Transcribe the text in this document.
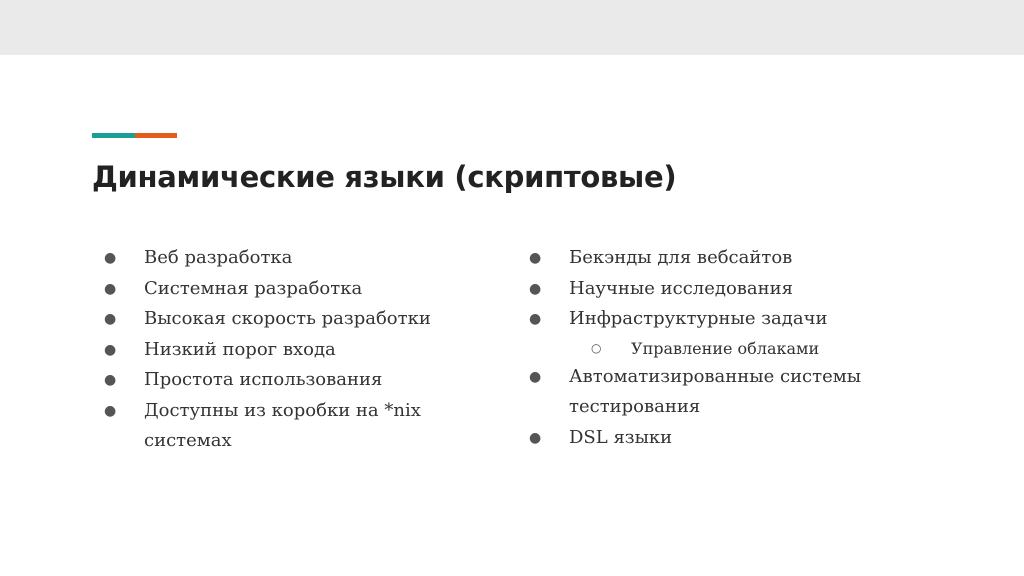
Динамические языки (скриптовые)
●	Веб разработка
●	Системная разработка
●	Высокая скорость разработки
●	Низкий порог входа
●	Простота использования
●	Доступны из коробки на *nix системах
●	Бекэнды для вебсайтов
●	Научные исследования
●	Инфраструктурные задачи
○	Управление облаками
●	Автоматизированные системы тестирования
●	DSL языки
